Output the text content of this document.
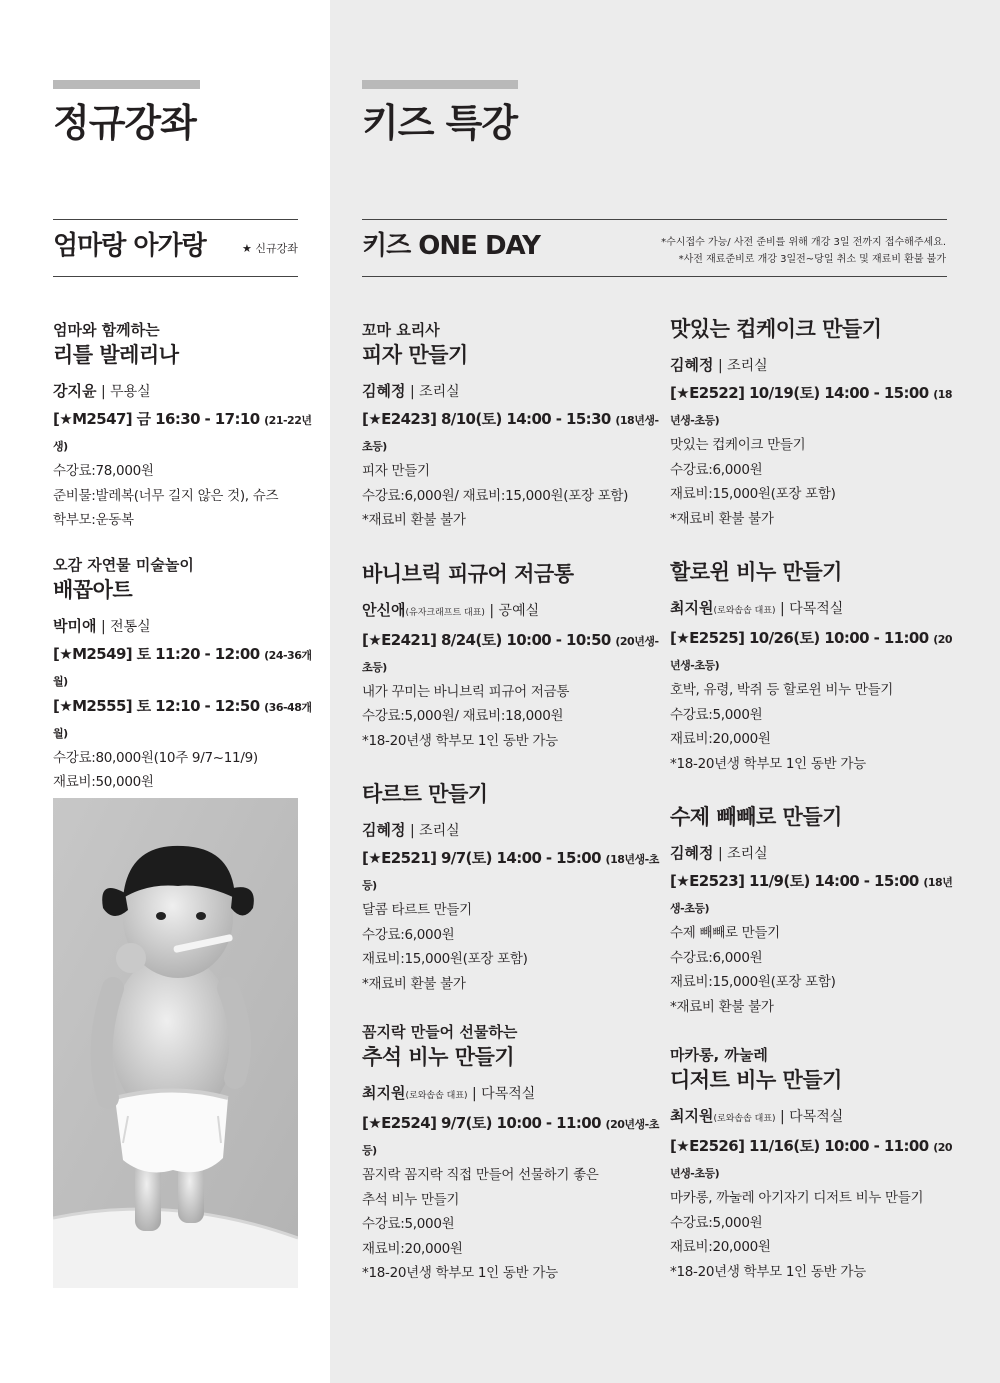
정규강좌
엄마랑 아가랑	★ 신규강좌

엄마와 함께하는

리틀 발레리나

강지윤 | 무용실

[★M2547] 금 16:30 - 17:10 (21-22년생)

수강료:78,000원

준비물:발레복(너무 길지 않은 것), 슈즈

학부모:운동복

오감 자연물 미술놀이

배꼽아트

박미애 | 전통실

[★M2549] 토 11:20 - 12:00 (24-36개월)

[★M2555] 토 12:10 - 12:50 (36-48개월)

수강료:80,000원(10주 9/7~11/9)

재료비:50,000원

키즈 특강
키즈 ONE DAY	*수시접수 가능/ 사전 준비를 위해 개강 3일 전까지 접수해주세요.
*사전 재료준비로 개강 3일전~당일 취소 및 재료비 환불 불가

꼬마 요리사

피자 만들기

김혜정 | 조리실

[★E2423] 8/10(토) 14:00 - 15:30 (18년생-초등)

피자 만들기

수강료:6,000원/ 재료비:15,000원(포장 포함)

*재료비 환불 불가

바니브릭 피규어 저금통

안신애(유자크래프트 대표) | 공예실

[★E2421] 8/24(토) 10:00 - 10:50 (20년생-초등)

내가 꾸미는 바니브릭 피규어 저금통

수강료:5,000원/ 재료비:18,000원

*18-20년생 학부모 1인 동반 가능

타르트 만들기

김혜정 | 조리실

[★E2521] 9/7(토) 14:00 - 15:00 (18년생-초등)

달콤 타르트 만들기

수강료:6,000원

재료비:15,000원(포장 포함)

*재료비 환불 불가

꼼지락 만들어 선물하는

추석 비누 만들기

최지원(로와솝솝 대표) | 다목적실

[★E2524] 9/7(토) 10:00 - 11:00 (20년생-초등)

꼼지락 꼼지락 직접 만들어 선물하기 좋은

추석 비누 만들기

수강료:5,000원

재료비:20,000원

*18-20년생 학부모 1인 동반 가능

맛있는 컵케이크 만들기

김혜정 | 조리실

[★E2522] 10/19(토) 14:00 - 15:00 (18년생-초등)

맛있는 컵케이크 만들기

수강료:6,000원

재료비:15,000원(포장 포함)

*재료비 환불 불가

할로윈 비누 만들기

최지원(로와솝솝 대표) | 다목적실

[★E2525] 10/26(토) 10:00 - 11:00 (20년생-초등)

호박, 유령, 박쥐 등 할로윈 비누 만들기

수강료:5,000원

재료비:20,000원

*18-20년생 학부모 1인 동반 가능

수제 빼빼로 만들기

김혜정 | 조리실

[★E2523] 11/9(토) 14:00 - 15:00 (18년생-초등)

수제 빼빼로 만들기

수강료:6,000원

재료비:15,000원(포장 포함)

*재료비 환불 불가

마카롱, 까눌레

디저트 비누 만들기

최지원(로와솝솝 대표) | 다목적실

[★E2526] 11/16(토) 10:00 - 11:00 (20년생-초등)

마카롱, 까눌레 아기자기 디저트 비누 만들기

수강료:5,000원

재료비:20,000원

*18-20년생 학부모 1인 동반 가능
